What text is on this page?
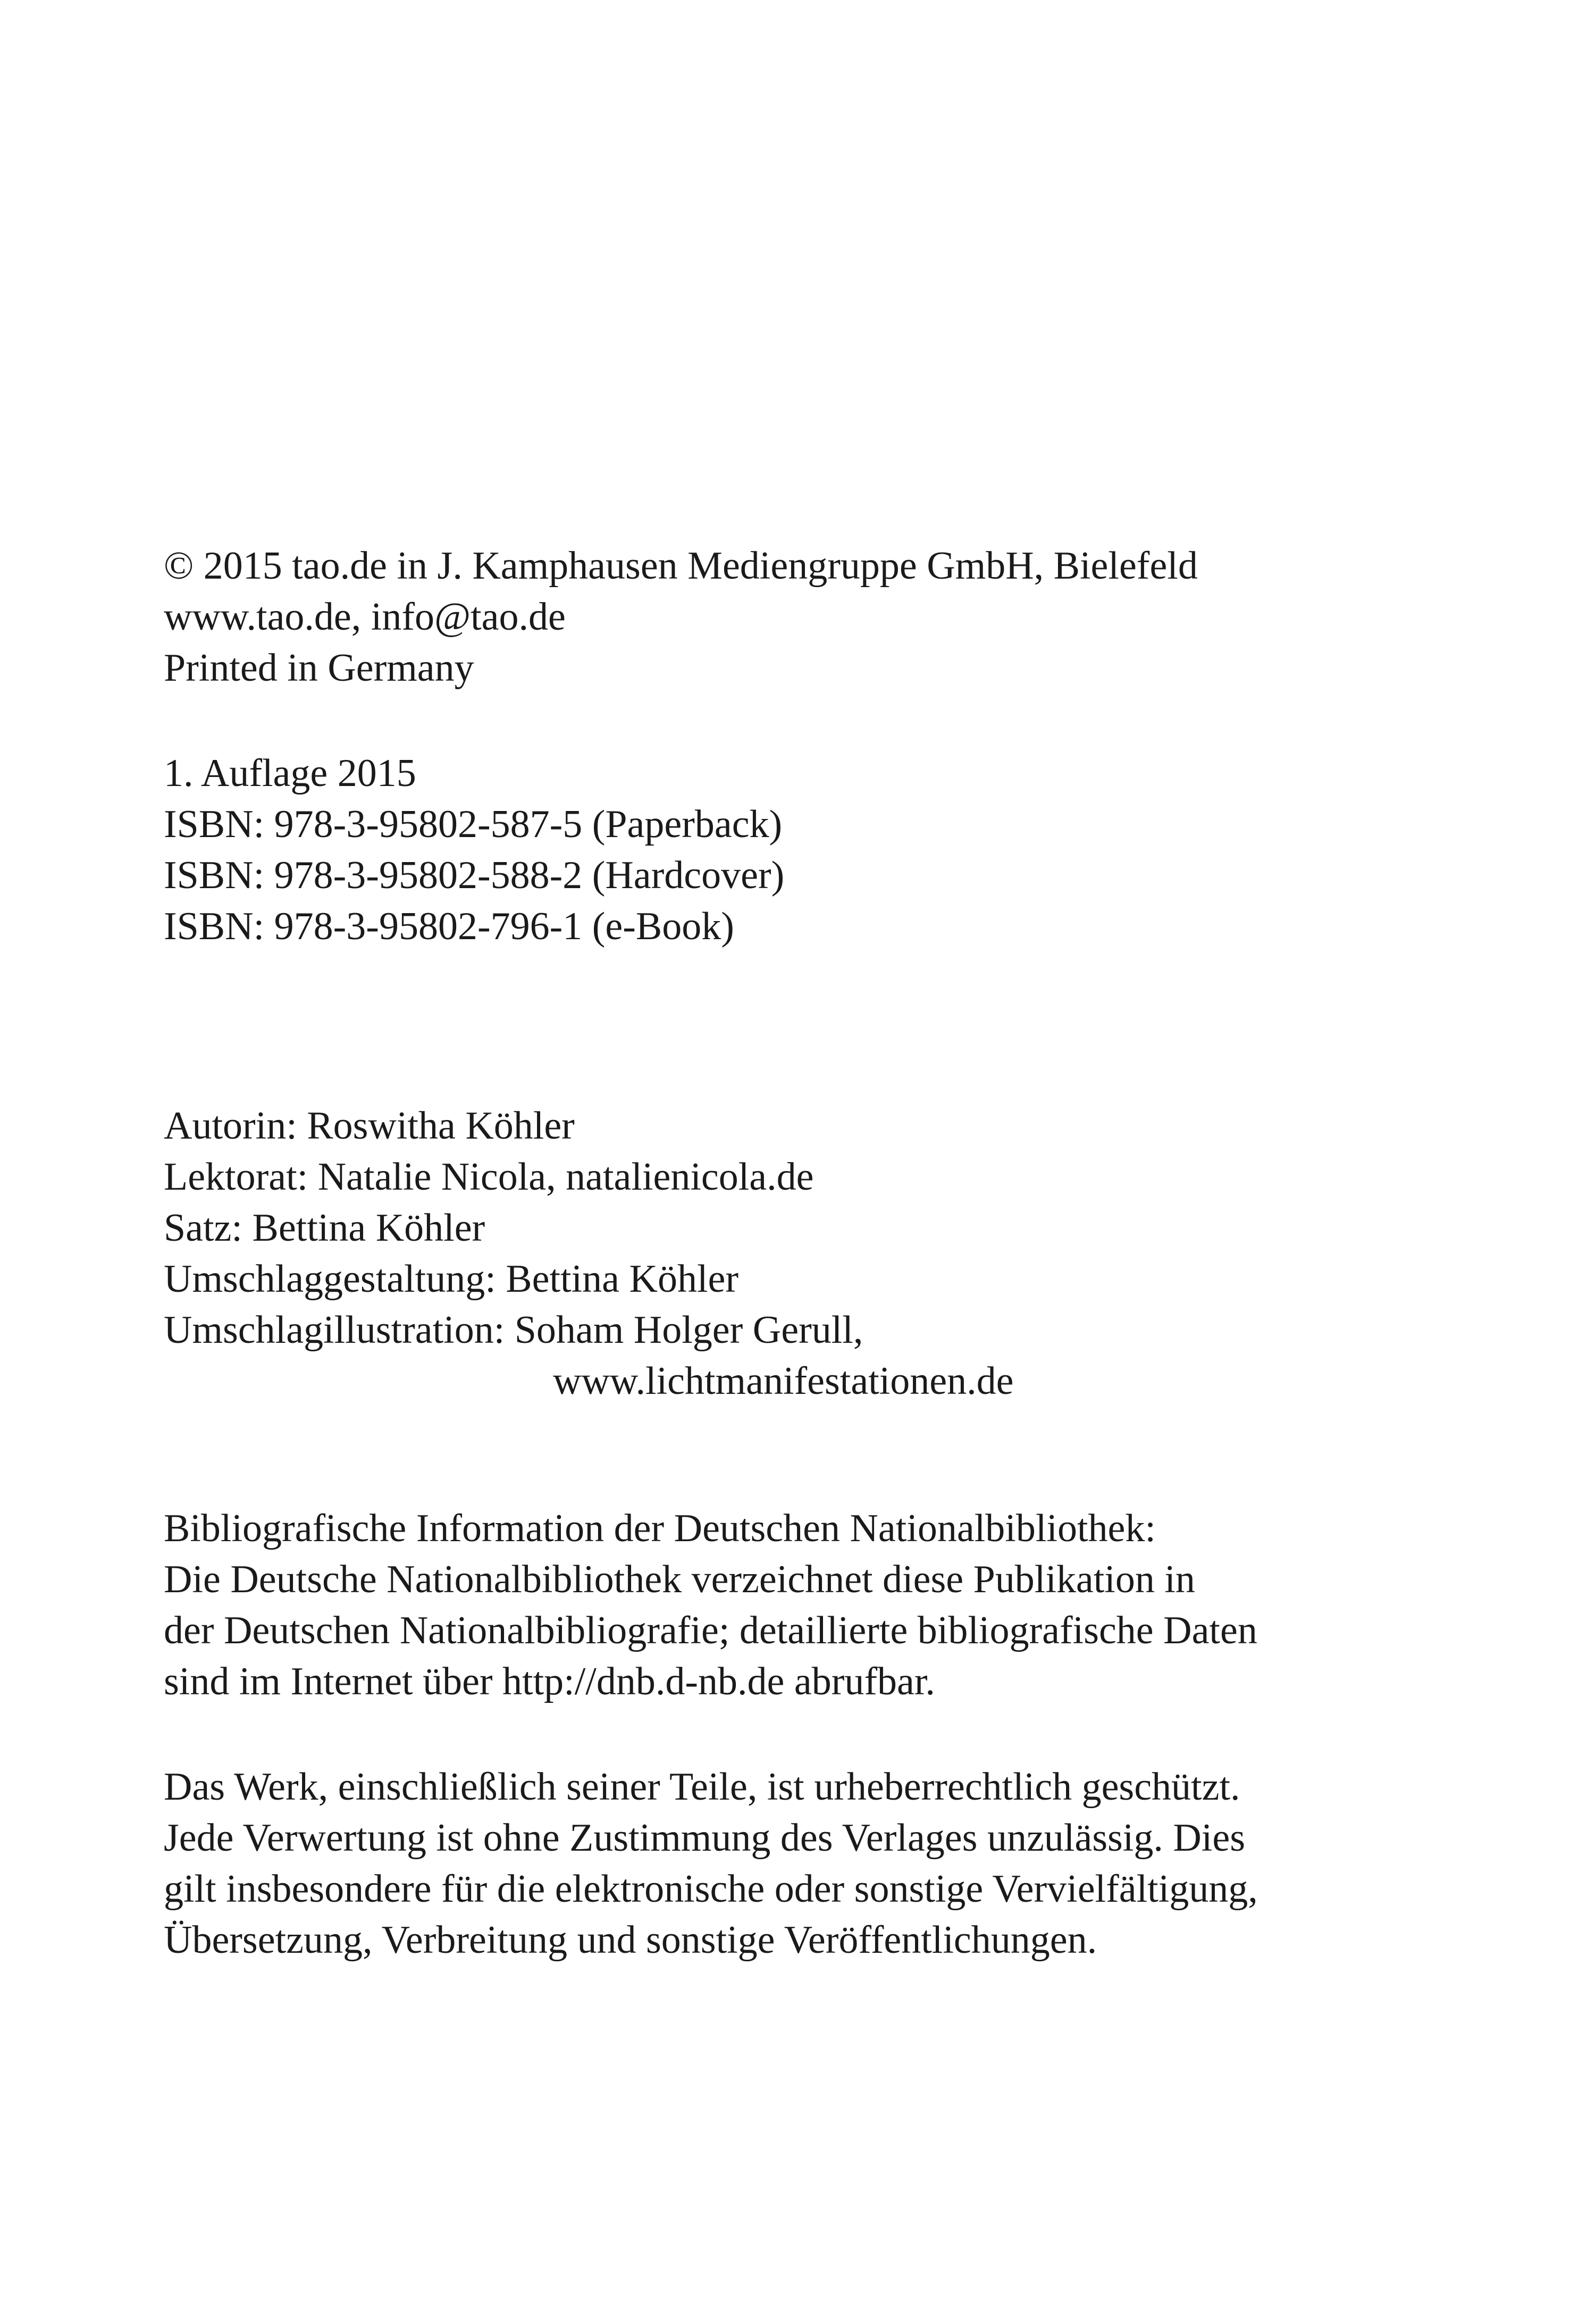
© 2015 tao.de in J. Kamphausen Mediengruppe GmbH, Bielefeld
www.tao.de, info@tao.de
Printed in Germany
1. Auflage 2015
ISBN: 978-3-95802-587-5 (Paperback)
ISBN: 978-3-95802-588-2 (Hardcover)
ISBN: 978-3-95802-796-1 (e-Book)
Autorin: Roswitha Köhler
Lektorat: Natalie Nicola, natalienicola.de
Satz: Bettina Köhler
Umschlaggestaltung: Bettina Köhler
Umschlagillustration: Soham Holger Gerull,
www.lichtmanifestationen.de
Bibliografische Information der Deutschen Nationalbibliothek:
Die Deutsche Nationalbibliothek verzeichnet diese Publikation in
der Deutschen Nationalbibliografie; detaillierte bibliografische Daten
sind im Internet über http://dnb.d-nb.de abrufbar.
Das Werk, einschließlich seiner Teile, ist urheberrechtlich geschützt.
Jede Verwertung ist ohne Zustimmung des Verlages unzulässig. Dies
gilt insbesondere für die elektronische oder sonstige Vervielfältigung,
Übersetzung, Verbreitung und sonstige Veröffentlichungen.
